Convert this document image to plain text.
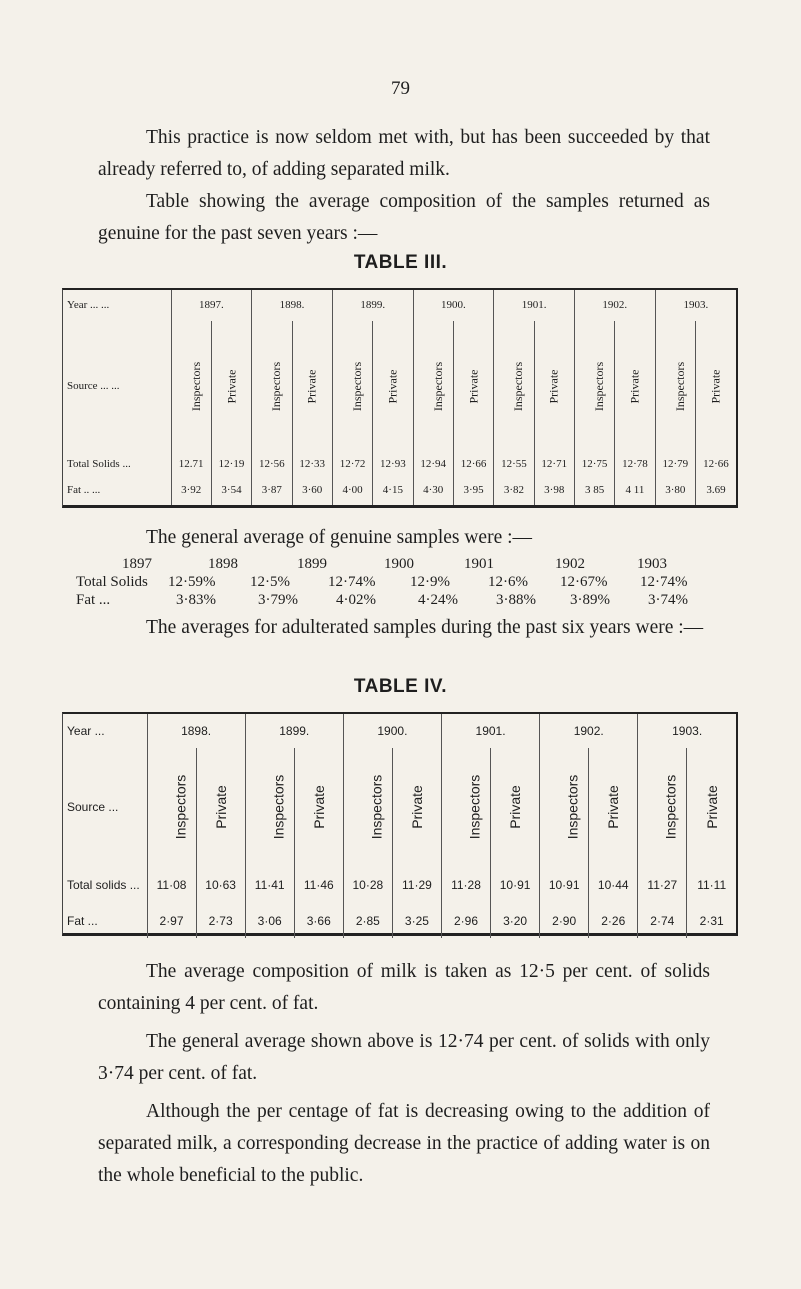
79

This practice is now seldom met with, but has been succeeded by that already referred to, of adding separated milk.

Table showing the average composition of the samples returned as genuine for the past seven years :—

TABLE III.
Year ... ...	1897.		1898.		1899.		1900.		1901.		1902.		1903.	
Source ... ...	Inspectors	Private	Inspectors	Private	Inspectors	Private	Inspectors	Private	Inspectors	Private	Inspectors	Private	Inspectors	Private
Total Solids ...	12.71	12·19	12·56	12·33	12·72	12·93	12·94	12·66	12·55	12·71	12·75	12·78	12·79	12·66
Fat .. ...	3·92	3·54	3·87	3·60	4·00	4·15	4·30	3·95	3·82	3·98	3 85	4 11	3·80	3.69

The general average of genuine samples were :—

1897	1898	1899	1900	1901	1902	1903
Total Solids 12·59% 12·5%	12·74% 12·9%	12·6% 12·67% 12·74%
Fat ...	3·83%	3·79%	4·02%	4·24%	3·88% 3·89%	3·74%

The averages for adulterated samples during the past six years were :—

TABLE IV.
Year ...	1898.		1899.		1900.		1901.		1902.		1903.	
Source ...	Inspectors	Private	Inspectors	Private	Inspectors	Private	Inspectors	Private	Inspectors	Private	Inspectors	Private
Total solids ...	11·08	10·63	11·41	11·46	10·28	11·29	11·28	10·91	10·91	10·44	11·27	11·11
Fat ...	2·97	2·73	3·06	3·66	2·85	3·25	2·96	3·20	2·90	2·26	2·74	2·31

The average composition of milk is taken as 12·5 per cent. of solids containing 4 per cent. of fat.

The general average shown above is 12·74 per cent. of solids with only 3·74 per cent. of fat.

Although the per centage of fat is decreasing owing to the addition of separated milk, a corresponding decrease in the practice of adding water is on the whole beneficial to the public.
